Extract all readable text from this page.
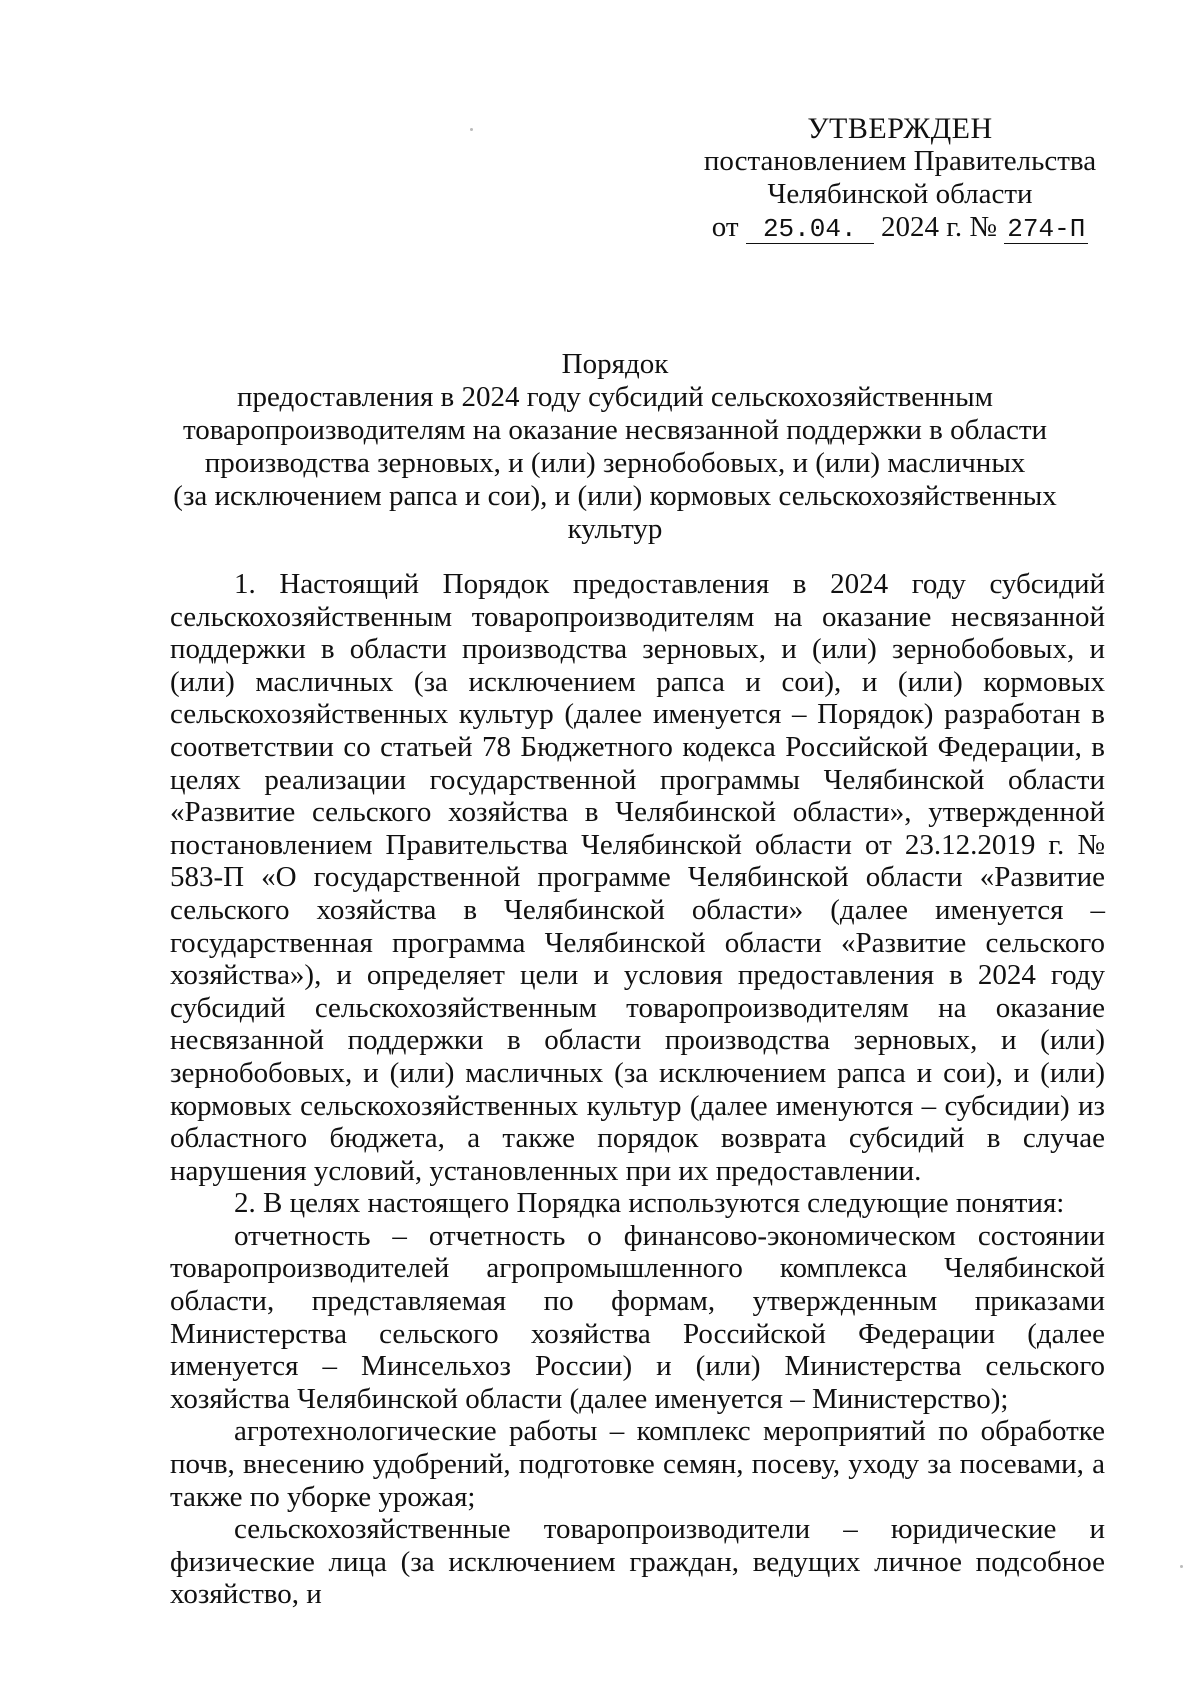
УТВЕРЖДЕН
постановлением Правительства
Челябинской области
от 25.04. 2024 г. № 274-П
Порядок
предоставления в 2024 году субсидий сельскохозяйственным
товаропроизводителям на оказание несвязанной поддержки в области
производства зерновых, и (или) зернобобовых, и (или) масличных
(за исключением рапса и сои), и (или) кормовых сельскохозяйственных культур

1. Настоящий Порядок предоставления в 2024 году субсидий сельскохозяйственным товаропроизводителям на оказание несвязанной поддержки в области производства зерновых, и (или) зернобобовых, и (или) масличных (за исключением рапса и сои), и (или) кормовых сельскохозяйственных культур (далее именуется – Порядок) разработан в соответствии со статьей 78 Бюджетного кодекса Российской Федерации, в целях реализации государственной программы Челябинской области «Развитие сельского хозяйства в Челябинской области», утвержденной постановлением Правительства Челябинской области от 23.12.2019 г. № 583-П «О государственной программе Челябинской области «Развитие сельского хозяйства в Челябинской области» (далее именуется – государственная программа Челябинской области «Развитие сельского хозяйства»), и определяет цели и условия предоставления в 2024 году субсидий сельскохозяйственным товаропроизводителям на оказание несвязанной поддержки в области производства зерновых, и (или) зернобобовых, и (или) масличных (за исключением рапса и сои), и (или) кормовых сельскохозяйственных культур (далее именуются – субсидии) из областного бюджета, а также порядок возврата субсидий в случае нарушения условий, установленных при их предоставлении.

2. В целях настоящего Порядка используются следующие понятия:

отчетность – отчетность о финансово-экономическом состоянии товаропроизводителей агропромышленного комплекса Челябинской области, представляемая по формам, утвержденным приказами Министерства сельского хозяйства Российской Федерации (далее именуется – Минсельхоз России) и (или) Министерства сельского хозяйства Челябинской области (далее именуется – Министерство);

агротехнологические работы – комплекс мероприятий по обработке почв, внесению удобрений, подготовке семян, посеву, уходу за посевами, а также по уборке урожая;

сельскохозяйственные товаропроизводители – юридические и физические лица (за исключением граждан, ведущих личное подсобное хозяйство, и
